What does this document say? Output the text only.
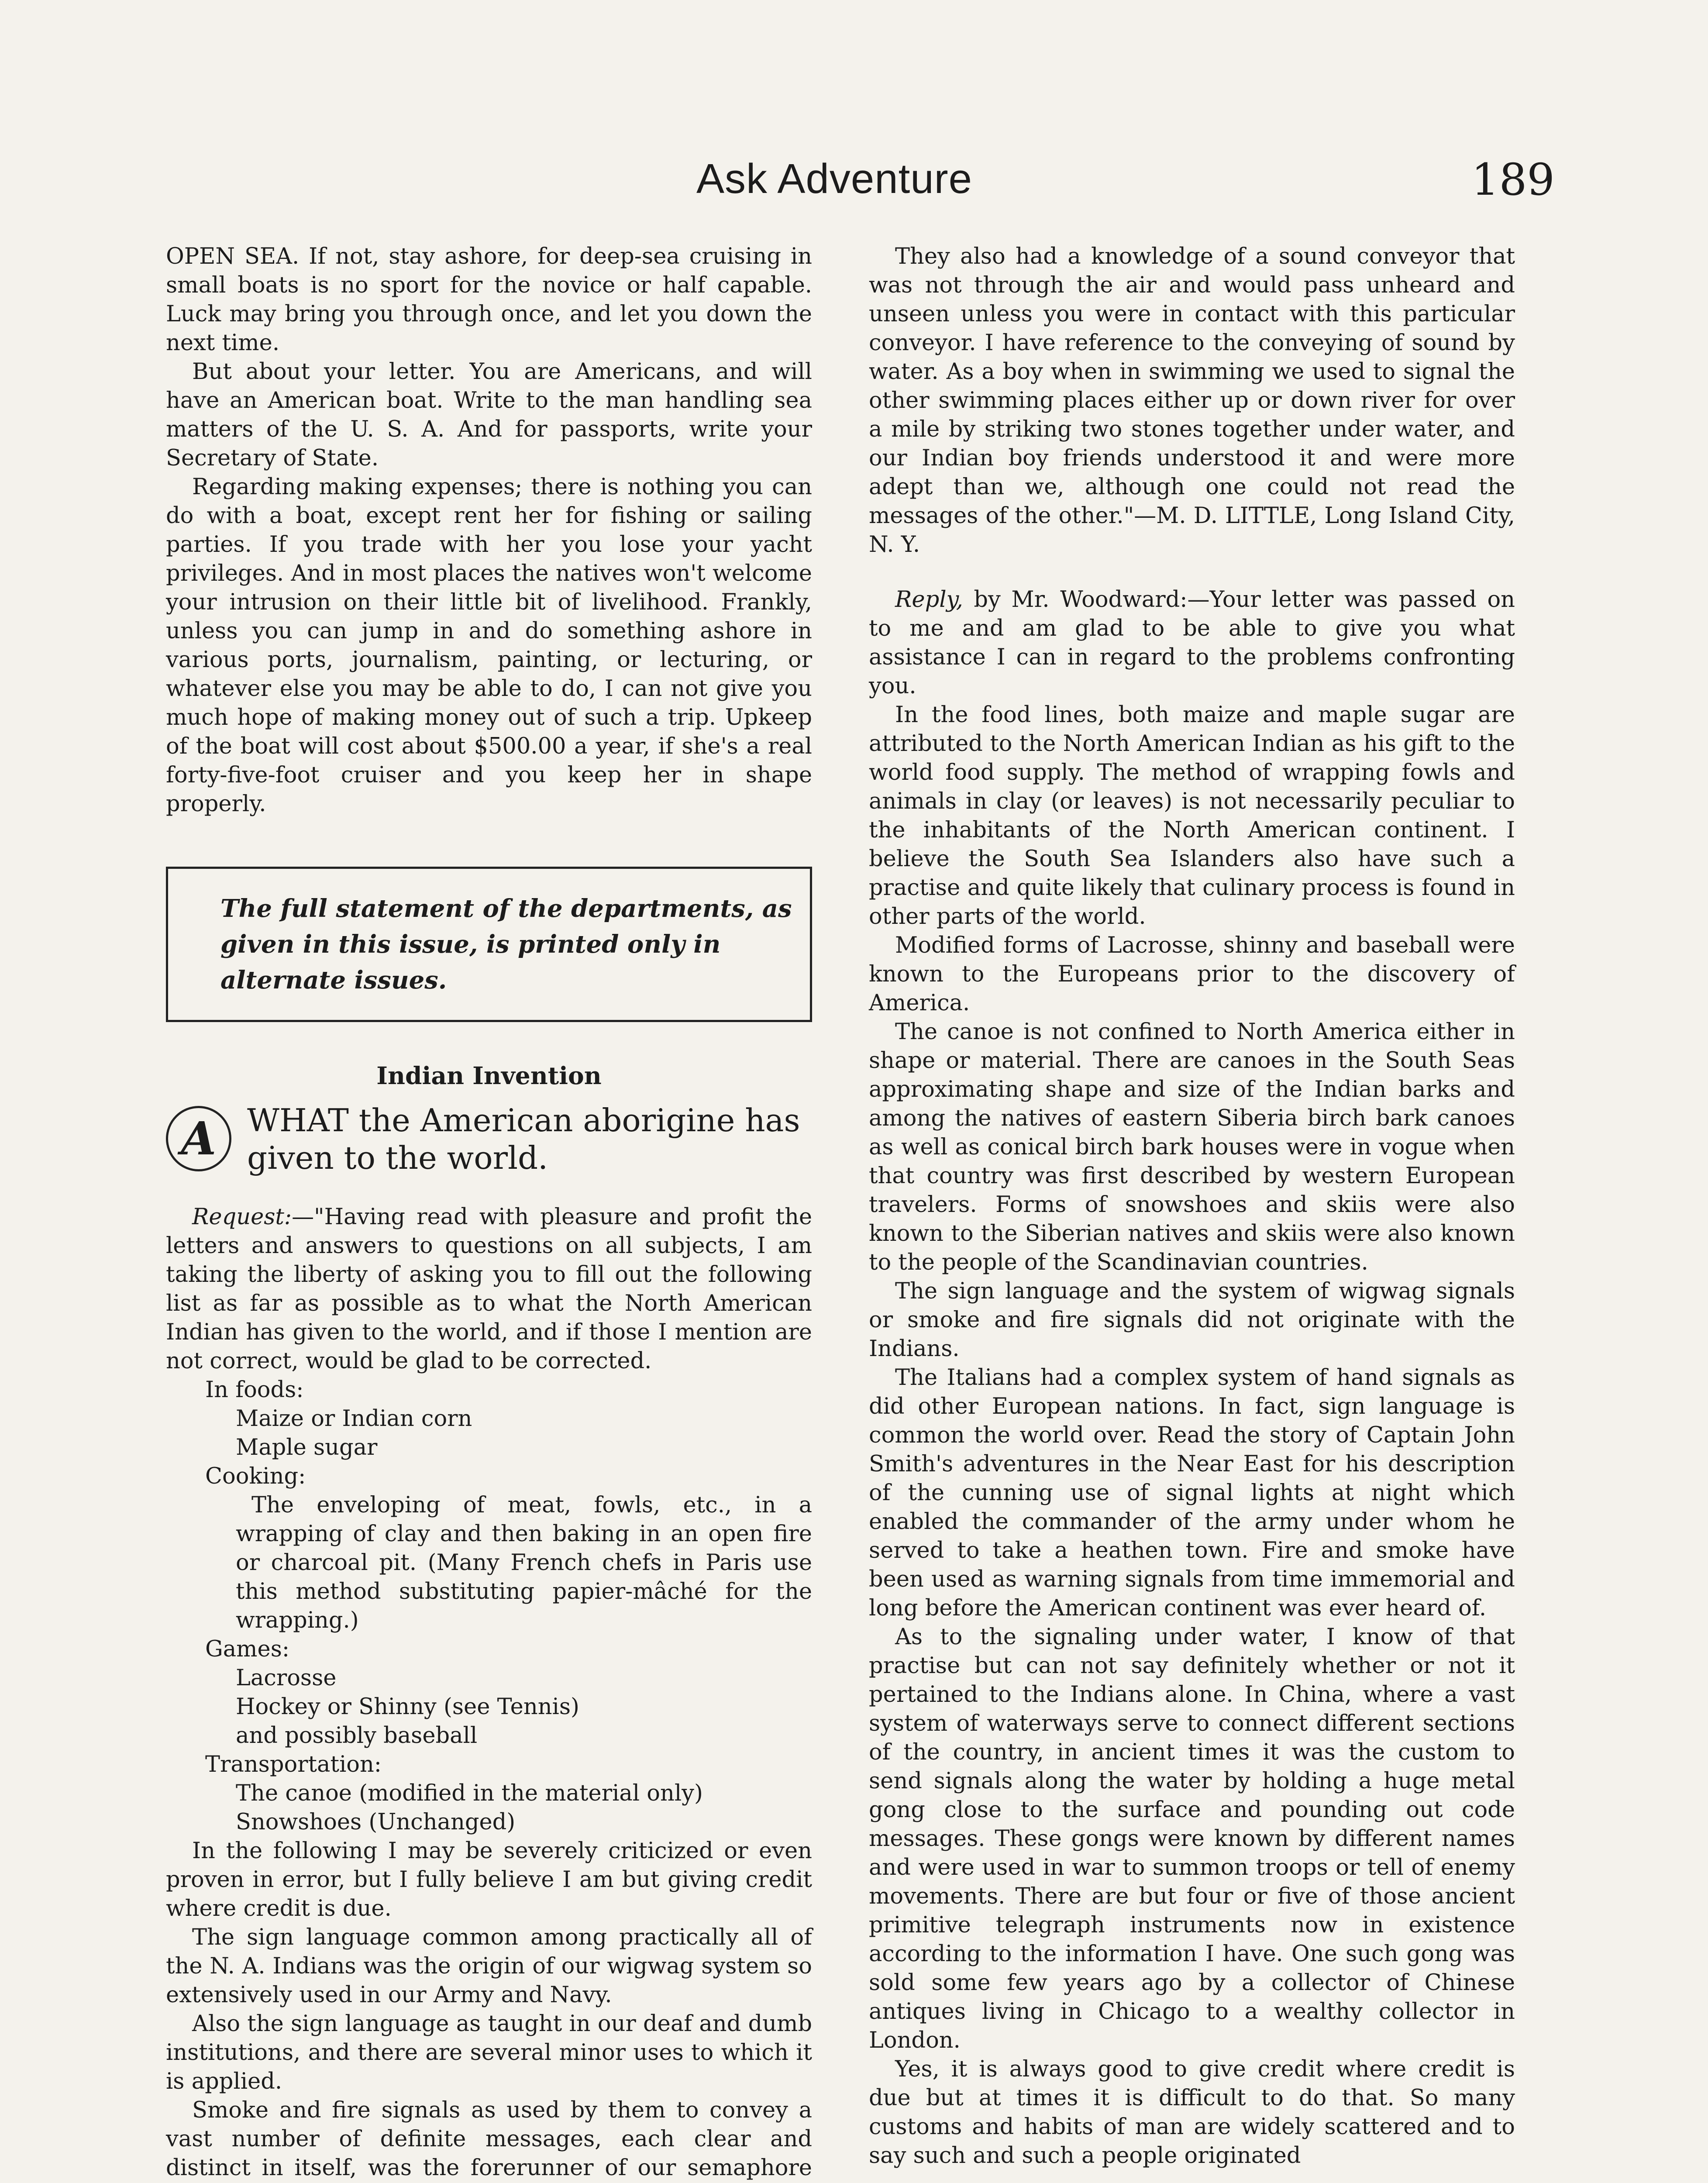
Ask Adventure	189

OPEN SEA. If not, stay ashore, for deep-sea cruising in small boats is no sport for the novice or half capable. Luck may bring you through once, and let you down the next time.

But about your letter. You are Americans, and will have an American boat. Write to the man handling sea matters of the U. S. A. And for passports, write your Secretary of State.

Regarding making expenses; there is nothing you can do with a boat, except rent her for fishing or sailing parties. If you trade with her you lose your yacht privileges. And in most places the natives won't welcome your intrusion on their little bit of livelihood. Frankly, unless you can jump in and do something ashore in various ports, journalism, painting, or lecturing, or whatever else you may be able to do, I can not give you much hope of making money out of such a trip. Upkeep of the boat will cost about $500.00 a year, if she's a real forty-five-foot cruiser and you keep her in shape properly.

The full statement of the departments, as given in this issue, is printed only in alternate issues.
Indian Invention
A WHAT the American aborigine has given to the world.

Request:—"Having read with pleasure and profit the letters and answers to questions on all subjects, I am taking the liberty of asking you to fill out the following list as far as possible as to what the North American Indian has given to the world, and if those I mention are not correct, would be glad to be corrected.

In foods:
Maize or Indian corn
Maple sugar
Cooking:
The enveloping of meat, fowls, etc., in a wrapping of clay and then baking in an open fire or charcoal pit. (Many French chefs in Paris use this method substituting papier-mâché for the wrapping.)
Games:
Lacrosse
Hockey or Shinny (see Tennis)
and possibly baseball
Transportation:
The canoe (modified in the material only)
Snowshoes (Unchanged)

In the following I may be severely criticized or even proven in error, but I fully believe I am but giving credit where credit is due.

The sign language common among practically all of the N. A. Indians was the origin of our wigwag system so extensively used in our Army and Navy.

Also the sign language as taught in our deaf and dumb institutions, and there are several minor uses to which it is applied.

Smoke and fire signals as used by them to convey a vast number of definite messages, each clear and distinct in itself, was the forerunner of our semaphore

They also had a knowledge of a sound conveyor that was not through the air and would pass unheard and unseen unless you were in contact with this particular conveyor. I have reference to the conveying of sound by water. As a boy when in swimming we used to signal the other swimming places either up or down river for over a mile by striking two stones together under water, and our Indian boy friends understood it and were more adept than we, although one could not read the messages of the other."—M. D. LITTLE, Long Island City, N. Y.

Reply, by Mr. Woodward:—Your letter was passed on to me and am glad to be able to give you what assistance I can in regard to the problems confronting you.

In the food lines, both maize and maple sugar are attributed to the North American Indian as his gift to the world food supply. The method of wrapping fowls and animals in clay (or leaves) is not necessarily peculiar to the inhabitants of the North American continent. I believe the South Sea Islanders also have such a practise and quite likely that culinary process is found in other parts of the world.

Modified forms of Lacrosse, shinny and baseball were known to the Europeans prior to the discovery of America.

The canoe is not confined to North America either in shape or material. There are canoes in the South Seas approximating shape and size of the Indian barks and among the natives of eastern Siberia birch bark canoes as well as conical birch bark houses were in vogue when that country was first described by western European travelers. Forms of snowshoes and skiis were also known to the Siberian natives and skiis were also known to the people of the Scandinavian countries.

The sign language and the system of wigwag signals or smoke and fire signals did not originate with the Indians.

The Italians had a complex system of hand signals as did other European nations. In fact, sign language is common the world over. Read the story of Captain John Smith's adventures in the Near East for his description of the cunning use of signal lights at night which enabled the commander of the army under whom he served to take a heathen town. Fire and smoke have been used as warning signals from time immemorial and long before the American continent was ever heard of.

As to the signaling under water, I know of that practise but can not say definitely whether or not it pertained to the Indians alone. In China, where a vast system of waterways serve to connect different sections of the country, in ancient times it was the custom to send signals along the water by holding a huge metal gong close to the surface and pounding out code messages. These gongs were known by different names and were used in war to summon troops or tell of enemy movements. There are but four or five of those ancient primitive telegraph instruments now in existence according to the information I have. One such gong was sold some few years ago by a collector of Chinese antiques living in Chicago to a wealthy collector in London.

Yes, it is always good to give credit where credit is due but at times it is difficult to do that. So many customs and habits of man are widely scattered and to say such and such a people originated
